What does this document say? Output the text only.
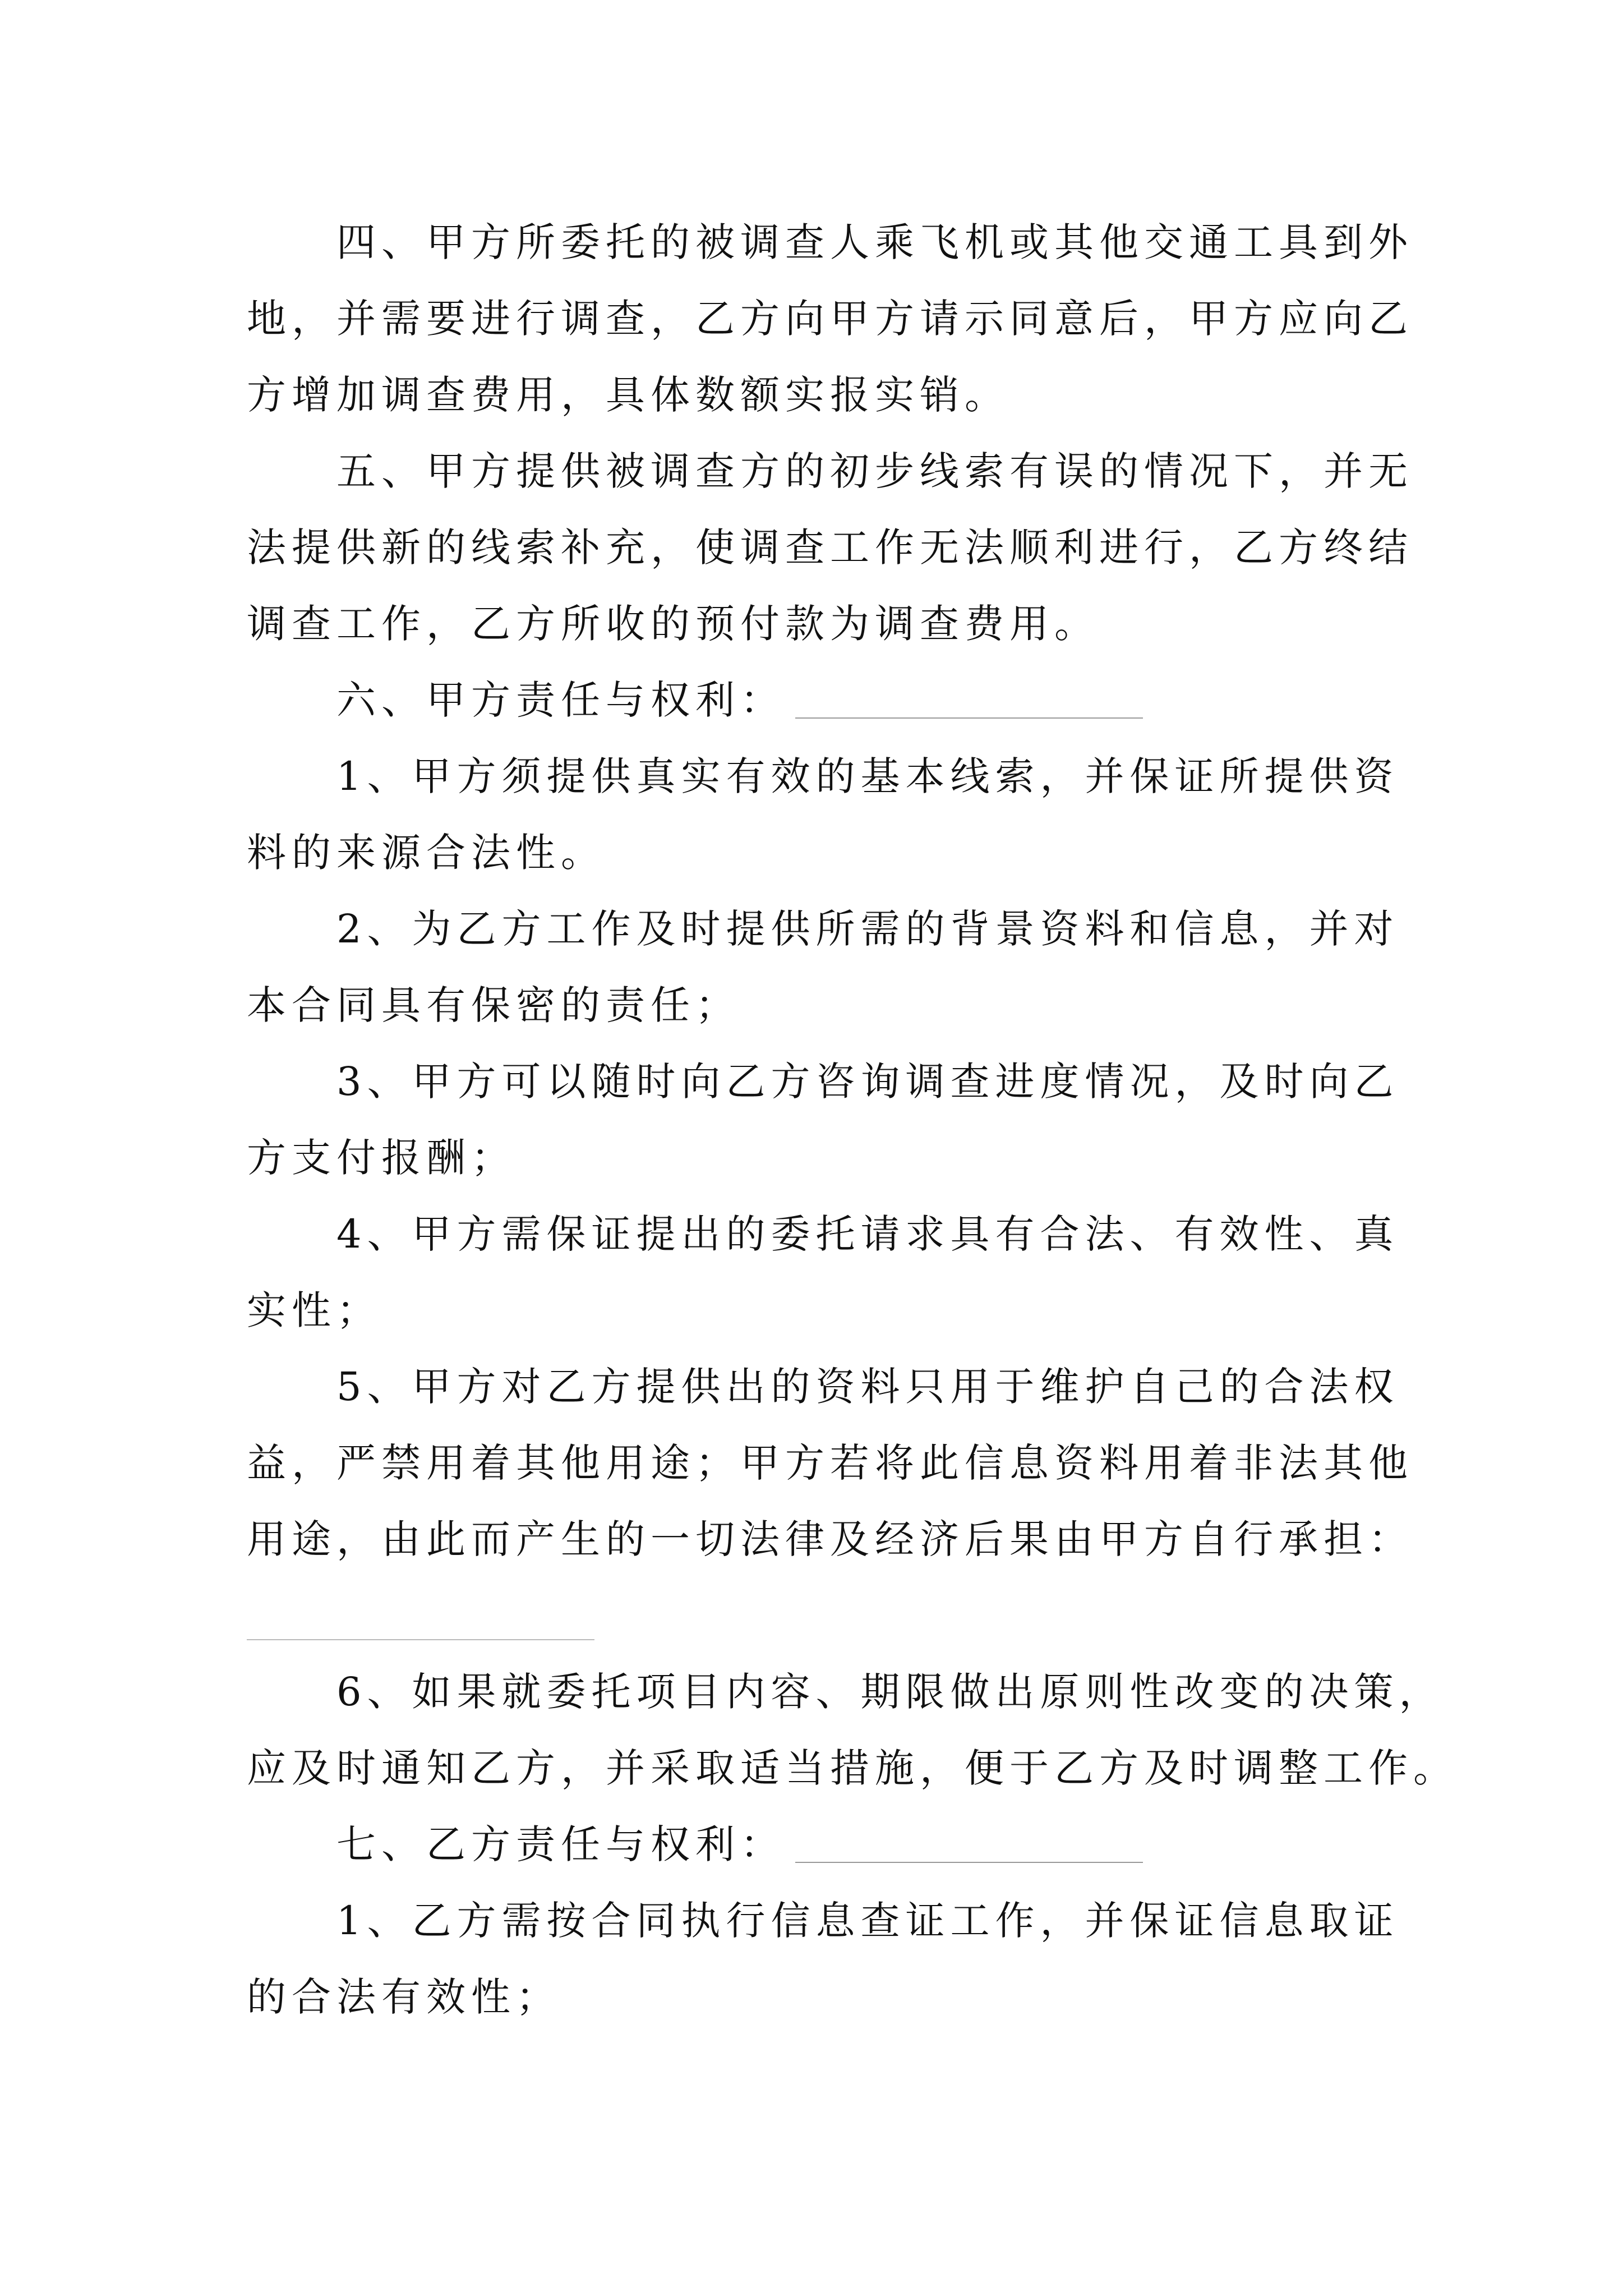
四、甲方所委托的被调查人乘飞机或其他交通工具到外
地，并需要进行调查，乙方向甲方请示同意后，甲方应向乙
方增加调查费用，具体数额实报实销。
五、甲方提供被调查方的初步线索有误的情况下，并无
法提供新的线索补充，使调查工作无法顺利进行，乙方终结
调查工作，乙方所收的预付款为调查费用。
六、甲方责任与权利：
1、甲方须提供真实有效的基本线索，并保证所提供资
料的来源合法性。
2、为乙方工作及时提供所需的背景资料和信息，并对
本合同具有保密的责任；
3、甲方可以随时向乙方咨询调查进度情况，及时向乙
方支付报酬；
4、甲方需保证提出的委托请求具有合法、有效性、真
实性；
5、甲方对乙方提供出的资料只用于维护自己的合法权
益，严禁用着其他用途；甲方若将此信息资料用着非法其他
用途，由此而产生的一切法律及经济后果由甲方自行承担：
6、如果就委托项目内容、期限做出原则性改变的决策，
应及时通知乙方，并采取适当措施，便于乙方及时调整工作。
七、乙方责任与权利：
1、乙方需按合同执行信息查证工作，并保证信息取证
的合法有效性；
